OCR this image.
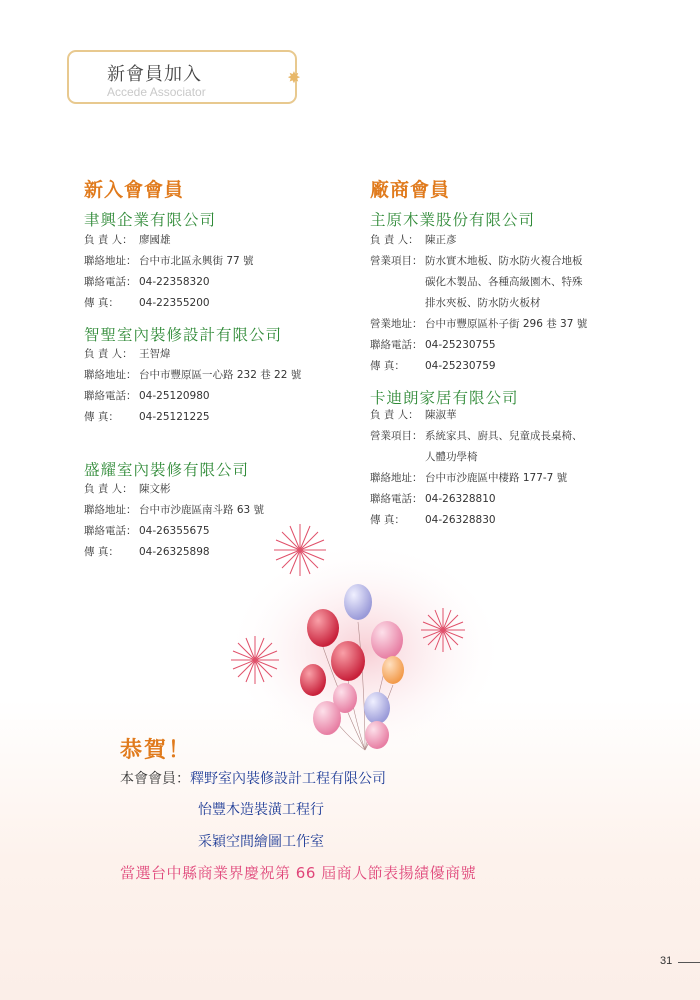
新會員加入
Accede Associator
✸
新入會會員
聿興企業有限公司
負 責 人： 廖國雄
聯絡地址： 台中市北區永興街 77 號
聯絡電話： 04-22358320
傳 真：	04-22355200
智聖室內裝修設計有限公司
負 責 人： 王智煒
聯絡地址： 台中市豐原區一心路 232 巷 22 號
聯絡電話： 04-25120980
傳 真：	04-25121225
盛耀室內裝修有限公司
負 責 人： 陳文彬
聯絡地址： 台中市沙鹿區南斗路 63 號
聯絡電話： 04-26355675
傳 真：	04-26325898
廠商會員
主原木業股份有限公司
負 責 人： 陳正彥
營業項目： 防水實木地板、防水防火複合地板
碳化木製品、各種高級園木、特殊
排水夾板、防水防火板材
營業地址： 台中市豐原區朴子街 296 巷 37 號
聯絡電話： 04-25230755
傳 真：	04-25230759
卡迪朗家居有限公司
負 責 人： 陳淑華
營業項目： 系統家具、廚具、兒童成長桌椅、
人體功學椅
聯絡地址： 台中市沙鹿區中棲路 177-7 號
聯絡電話： 04-26328810
傳 真：	04-26328830
恭賀！
本會會員：釋野室內裝修設計工程有限公司
怡豐木造裝潢工程行
采穎空間繪圖工作室
當選台中縣商業界慶祝第 66 屆商人節表揚績優商號
31
